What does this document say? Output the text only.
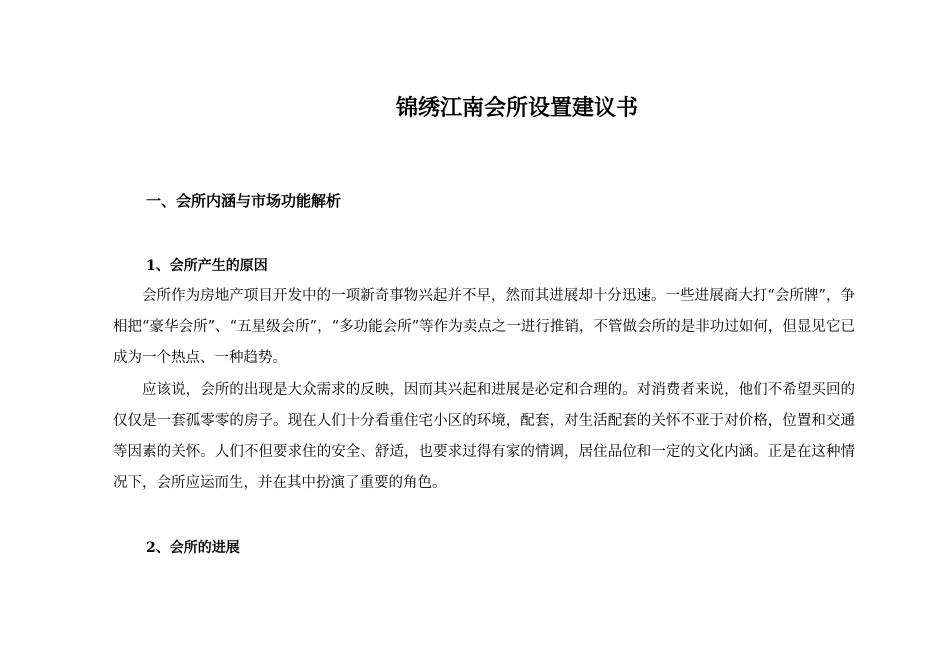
锦绣江南会所设置建议书
一、会所内涵与市场功能解析
1、会所产生的原因

会所作为房地产项目开发中的一项新奇事物兴起并不早，然而其进展却十分迅速。一些进展商大打“会所牌”，争相把“豪华会所”、“五星级会所”，“多功能会所”等作为卖点之一进行推销，不管做会所的是非功过如何，但显见它已成为一个热点、一种趋势。

应该说，会所的出现是大众需求的反映，因而其兴起和进展是必定和合理的。对消费者来说，他们不希望买回的仅仅是一套孤零零的房子。现在人们十分看重住宅小区的环境，配套，对生活配套的关怀不亚于对价格，位置和交通等因素的关怀。人们不但要求住的安全、舒适，也要求过得有家的情调，居住品位和一定的文化内涵。正是在这种情况下，会所应运而生，并在其中扮演了重要的角色。

2、会所的进展
